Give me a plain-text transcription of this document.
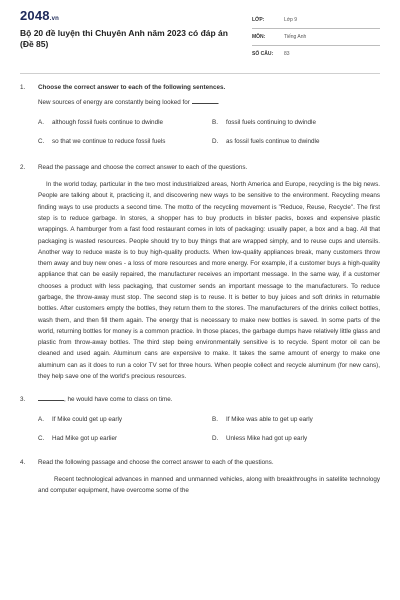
2048.vn
Bộ 20 đề luyện thi Chuyên Anh năm 2023 có đáp án (Đề 85)
LỚP:	Lớp 9
MÔN:	Tiếng Anh
SỐ CÂU:	83
1. Choose the correct answer to each of the following sentences.
New sources of energy are constantly being looked for	.
A.	although fossil fuels continue to dwindle	B.	fossil fuels continuing to dwindle
C.	so that we continue to reduce fossil fuels	D.	as fossil fuels continue to dwindle
2. Read the passage and choose the correct answer to each of the questions.
In the world today, particular in the two most industrialized areas, North America and Europe, recycling is the big news. People are talking about it, practicing it, and discovering new ways to be sensitive to the environment. Recycling means finding ways to use products a second time. The motto of the recycling movement is "Reduce, Reuse, Recycle". The first step is to reduce garbage. In stores, a shopper has to buy products in blister packs, boxes and expensive plastic wrappings. A hamburger from a fast food restaurant comes in lots of packaging: usually paper, a box and a bag. All that packaging is wasted resources. People should try to buy things that are wrapped simply, and to reuse cups and utensils. Another way to reduce waste is to buy high-quality products. When low-quality appliances break, many customers throw them away and buy new ones - a loss of more resources and more energy. For example, if a customer buys a high-quality appliance that can be easily repaired, the manufacturer receives an important message. In the same way, if a customer chooses a product with less packaging, that customer sends an important message to the manufacturers. To reduce garbage, the throw-away must stop. The second step is to reuse. It is better to buy juices and soft drinks in returnable bottles. After customers empty the bottles, they return them to the stores. The manufacturers of the drinks collect bottles, wash them, and then fill them again. The energy that is necessary to make new bottles is saved. In some parts of the world, returning bottles for money is a common practice. In those places, the garbage dumps have relatively little glass and plastic from throw-away bottles. The third step being environmentally sensitive is to recycle. Spent motor oil can be cleaned and used again. Aluminum cans are expensive to make. It takes the same amount of energy to make one aluminum can as it does to run a color TV set for three hours. When people collect and recycle aluminum (for new cans), they help save one of the world's precious resources.
3.	, he would have come to class on time.
A.	If Mike could get up early	B.	If Mike was able to get up early
C.	Had Mike got up earlier	D.	Unless Mike had got up early
4. Read the following passage and choose the correct answer to each of the questions.
Recent technological advances in manned and unmanned vehicles, along with breakthroughs in satellite technology and computer equipment, have overcome some of the
